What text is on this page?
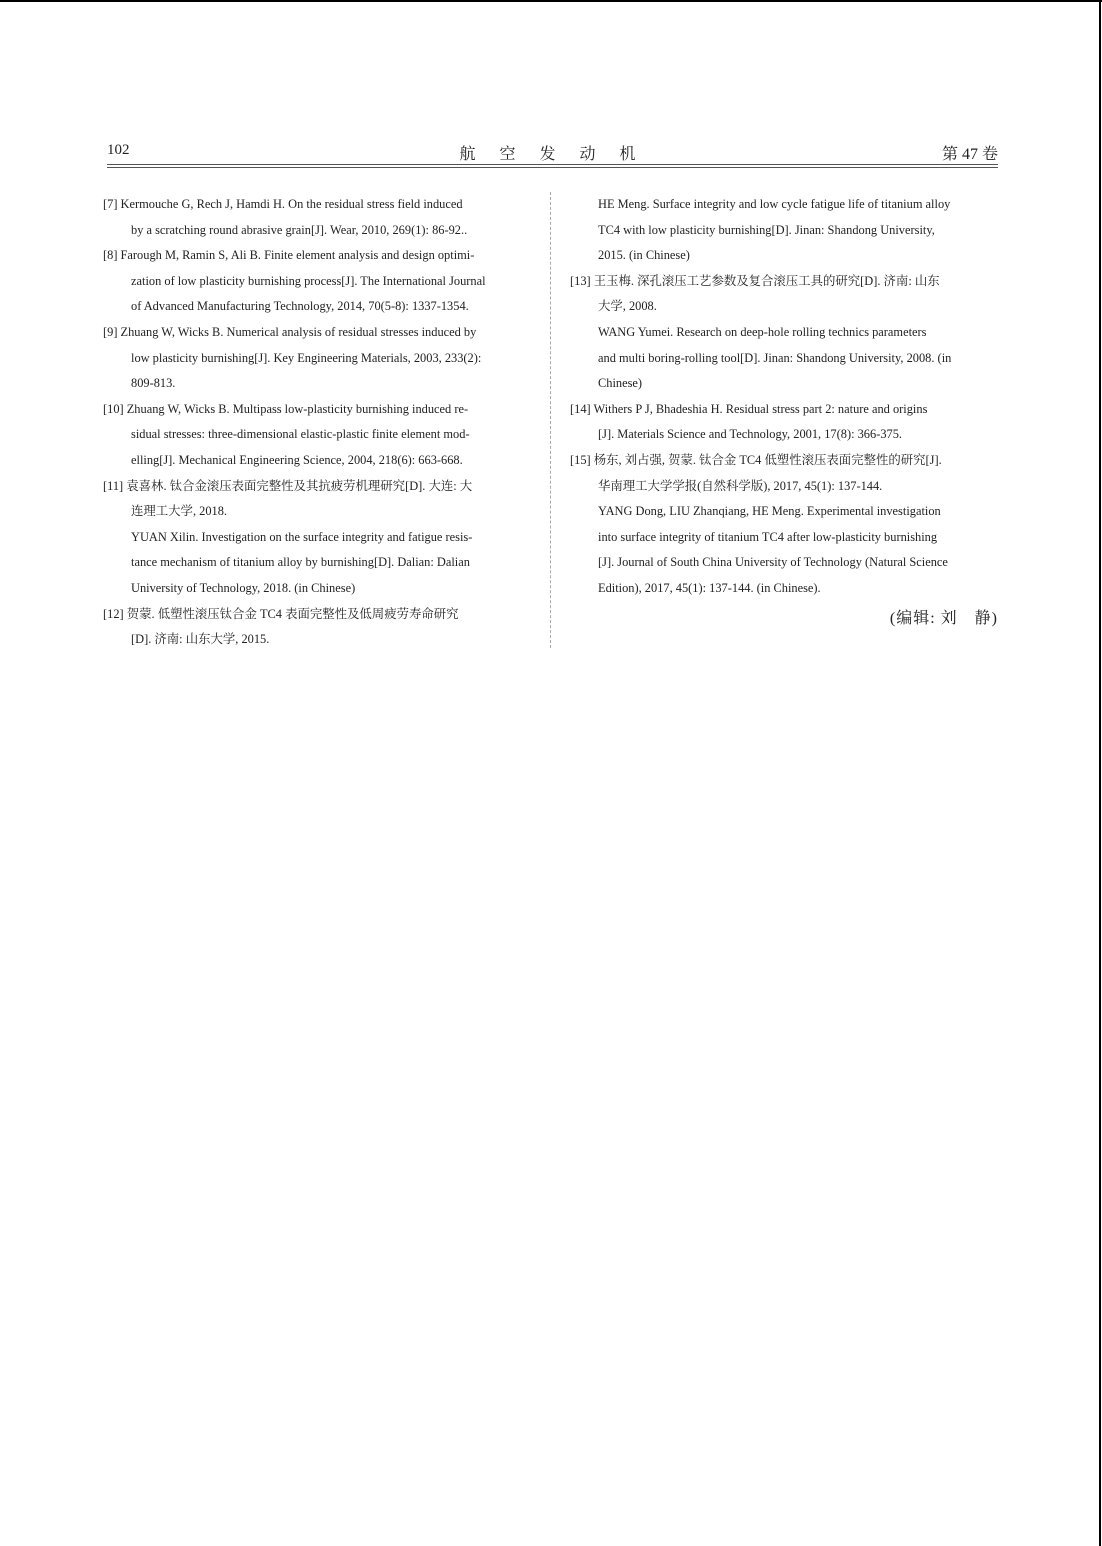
102	航 空 发 动 机	第 47 卷
[7] Kermouche G, Rech J, Hamdi H. On the residual stress field induced
by a scratching round abrasive grain[J]. Wear, 2010, 269(1): 86-92..
[8] Farough M, Ramin S, Ali B. Finite element analysis and design optimi-
zation of low plasticity burnishing process[J]. The International Journal
of Advanced Manufacturing Technology, 2014, 70(5-8): 1337-1354.
[9] Zhuang W, Wicks B. Numerical analysis of residual stresses induced by
low plasticity burnishing[J]. Key Engineering Materials, 2003, 233(2):
809-813.
[10] Zhuang W, Wicks B. Multipass low-plasticity burnishing induced re-
sidual stresses: three-dimensional elastic-plastic finite element mod-
elling[J]. Mechanical Engineering Science, 2004, 218(6): 663-668.
[11] 袁喜林. 钛合金滚压表面完整性及其抗疲劳机理研究[D]. 大连: 大
连理工大学, 2018.
YUAN Xilin. Investigation on the surface integrity and fatigue resis-
tance mechanism of titanium alloy by burnishing[D]. Dalian: Dalian
University of Technology, 2018. (in Chinese)
[12] 贺蒙. 低塑性滚压钛合金 TC4 表面完整性及低周疲劳寿命研究
[D]. 济南: 山东大学, 2015.
HE Meng. Surface integrity and low cycle fatigue life of titanium alloy
TC4 with low plasticity burnishing[D]. Jinan: Shandong University,
2015. (in Chinese)
[13] 王玉梅. 深孔滚压工艺参数及复合滚压工具的研究[D]. 济南: 山东
大学, 2008.
WANG Yumei. Research on deep-hole rolling technics parameters
and multi boring-rolling tool[D]. Jinan: Shandong University, 2008. (in
Chinese)
[14] Withers P J, Bhadeshia H. Residual stress part 2: nature and origins
[J]. Materials Science and Technology, 2001, 17(8): 366-375.
[15] 杨东, 刘占强, 贺蒙. 钛合金 TC4 低塑性滚压表面完整性的研究[J].
华南理工大学学报(自然科学版), 2017, 45(1): 137-144.
YANG Dong, LIU Zhanqiang, HE Meng. Experimental investigation
into surface integrity of titanium TC4 after low-plasticity burnishing
[J]. Journal of South China University of Technology (Natural Science
Edition), 2017, 45(1): 137-144. (in Chinese).
(编辑: 刘　静)
